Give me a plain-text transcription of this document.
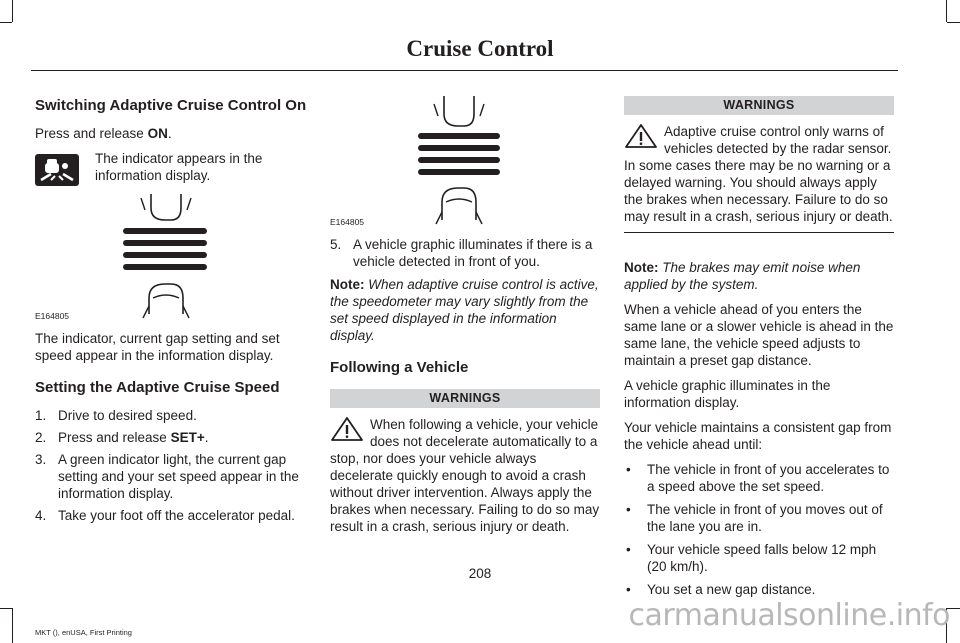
Cruise Control
Switching Adaptive Cruise Control On

Press and release ON.

The indicator appears in the information display.
E164805

The indicator, current gap setting and set speed appear in the information display.

Setting the Adaptive Cruise Speed
1. Drive to desired speed.
2. Press and release SET+.
3. A green indicator light, the current gap setting and your set speed appear in the information display.
4. Take your foot off the accelerator pedal.
E164805
5. A vehicle graphic illuminates if there is a vehicle detected in front of you.

Note: When adaptive cruise control is active, the speedometer may vary slightly from the set speed displayed in the information display.

Following a Vehicle
WARNINGS
When following a vehicle, your vehicle does not decelerate automatically to a stop, nor does your vehicle always decelerate quickly enough to avoid a crash without driver intervention. Always apply the brakes when necessary. Failing to do so may result in a crash, serious injury or death.
WARNINGS
Adaptive cruise control only warns of vehicles detected by the radar sensor. In some cases there may be no warning or a delayed warning. You should always apply the brakes when necessary. Failure to do so may result in a crash, serious injury or death.

Note: The brakes may emit noise when applied by the system.

When a vehicle ahead of you enters the same lane or a slower vehicle is ahead in the same lane, the vehicle speed adjusts to maintain a preset gap distance.

A vehicle graphic illuminates in the information display.

Your vehicle maintains a consistent gap from the vehicle ahead until:

• The vehicle in front of you accelerates to a speed above the set speed.
• The vehicle in front of you moves out of the lane you are in.
• Your vehicle speed falls below 12 mph (20 km/h).
• You set a new gap distance.
208
MKT (), enUSA, First Printing	carmanualsonline.info
